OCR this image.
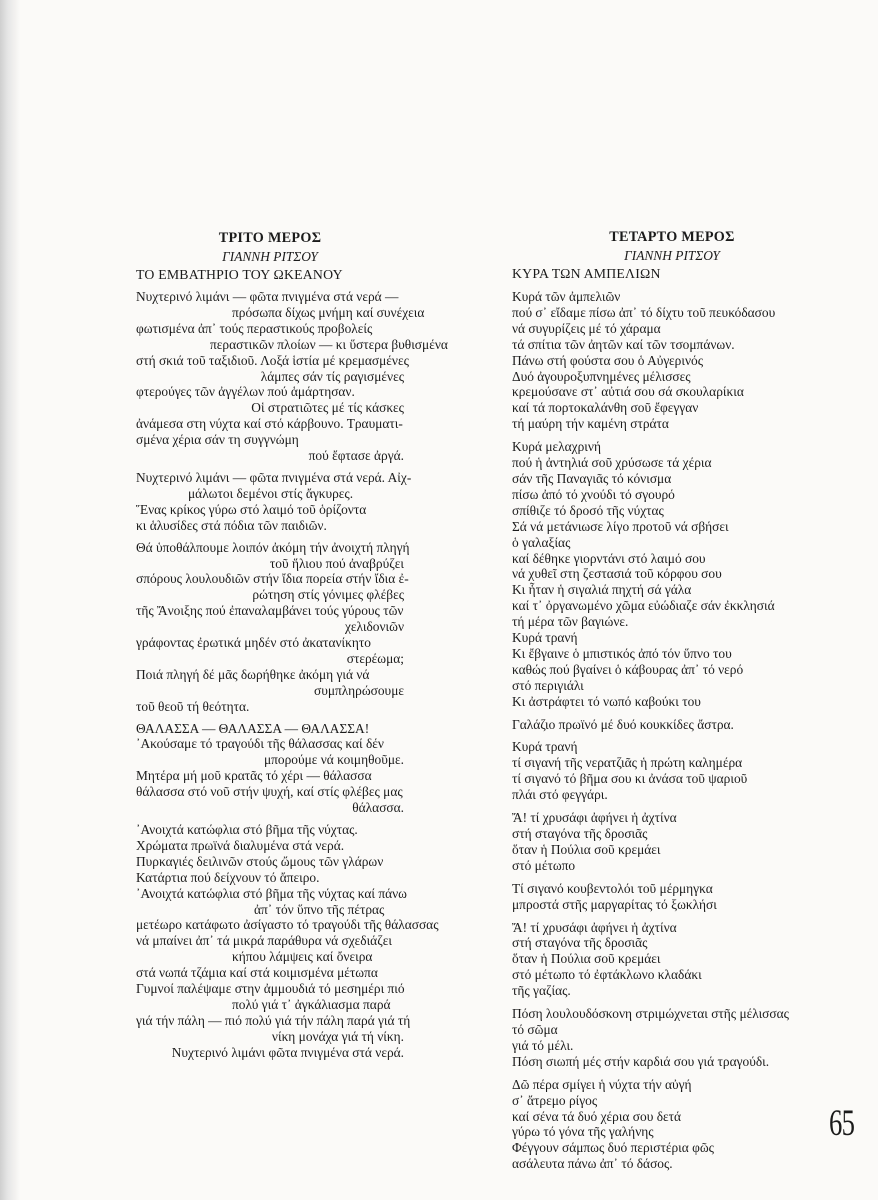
ΤΡΙΤΟ ΜΕΡΟΣ
ΓΙΑΝΝΗ ΡΙΤΣΟΥ
ΤΟ ΕΜΒΑΤΗΡΙΟ ΤΟΥ ΩΚΕΑΝΟΥ
Νυχτερινό λιμάνι — φῶτα πνιγμένα στά νερά —
πρόσωπα δίχως μνήμη καί συνέχεια
φωτισμένα ἀπ᾽ τούς περαστικούς προβολείς
περαστικῶν πλοίων — κι ὕστερα βυθισμένα
στή σκιά τοῦ ταξιδιοῦ. Λοξά ἱστία μέ κρεμασμένες
λάμπες σάν τίς ραγισμένες
φτερούγες τῶν ἀγγέλων πού ἁμάρτησαν.
Οἱ στρατιῶτες μέ τίς κάσκες
ἀνάμεσα στη νύχτα καί στό κάρβουνο. Τραυματι-
σμένα χέρια σάν τη συγγνώμη
πού ἔφτασε ἀργά.
Νυχτερινό λιμάνι — φῶτα πνιγμένα στά νερά. Αἰχ-
μάλωτοι δεμένοι στίς ἄγκυρες.
Ἕνας κρίκος γύρω στό λαιμό τοῦ ὁρίζοντα
κι ἁλυσίδες στά πόδια τῶν παιδιῶν.
Θά ὑποθάλπουμε λοιπόν ἀκόμη τήν ἀνοιχτή πληγή
τοῦ ἥλιου πού ἀναβρύζει
σπόρους λουλουδιῶν στήν ἴδια πορεία στήν ἴδια ἐ-
ρώτηση στίς γόνιμες φλέβες
τῆς Ἄνοιξης πού ἐπαναλαμβάνει τούς γύρους τῶν
χελιδονιῶν
γράφοντας ἐρωτικά μηδέν στό ἀκατανίκητο
στερέωμα;
Ποιά πληγή δέ μᾶς δωρήθηκε ἀκόμη γιά νά
συμπληρώσουμε
τοῦ θεοῦ τή θεότητα.
ΘΑΛΑΣΣΑ — ΘΑΛΑΣΣΑ — ΘΑΛΑΣΣΑ!
᾽Ακούσαμε τό τραγούδι τῆς θάλασσας καί δέν
μπορούμε νά κοιμηθοῦμε.
Μητέρα μή μοῦ κρατᾶς τό χέρι — θάλασσα
θάλασσα στό νοῦ στήν ψυχή, καί στίς φλέβες μας
θάλασσα.
᾽Ανοιχτά κατώφλια στό βῆμα τῆς νύχτας.
Χρώματα πρωϊνά διαλυμένα στά νερά.
Πυρκαγιές δειλινῶν στούς ὤμους τῶν γλάρων
Κατάρτια πού δείχνουν τό ἄπειρο.
᾽Ανοιχτά κατώφλια στό βῆμα τῆς νύχτας καί πάνω
ἀπ᾽ τόν ὕπνο τῆς πέτρας
μετέωρο κατάφωτο ἀσίγαστο τό τραγούδι τῆς θάλασσας
νά μπαίνει ἀπ᾽ τά μικρά παράθυρα νά σχεδιάζει
κήπου λάμψεις καί ὄνειρα
στά νωπά τζάμια καί στά κοιμισμένα μέτωπα
Γυμνοί παλέψαμε στην ἀμμουδιά τό μεσημέρι πιό
πολύ γιά τ᾽ ἀγκάλιασμα παρά
γιά τήν πάλη — πιό πολύ γιά τήν πάλη παρά γιά τή
νίκη μονάχα γιά τή νίκη.
Νυχτερινό λιμάνι φῶτα πνιγμένα στά νερά.
ΤΕΤΑΡΤΟ ΜΕΡΟΣ
ΓΙΑΝΝΗ ΡΙΤΣΟΥ
ΚΥΡΑ ΤΩΝ ΑΜΠΕΛΙΩΝ
Κυρά τῶν ἀμπελιῶν
πού σ᾽ εἴδαμε πίσω ἀπ᾽ τό δίχτυ τοῦ πευκόδασου
νά συγυρίζεις μέ τό χάραμα
τά σπίτια τῶν ἀητῶν καί τῶν τσομπάνων.
Πάνω στή φούστα σου ὁ Αὐγερινός
Δυό ἀγουροξυπνημένες μέλισσες
κρεμούσανε στ᾽ αὐτιά σου σά σκουλαρίκια
καί τά πορτοκαλάνθη σοῦ ἔφεγγαν
τή μαύρη τήν καμένη στράτα
Κυρά μελαχρινή
πού ἡ ἀντηλιά σοῦ χρύσωσε τά χέρια
σάν τῆς Παναγιᾶς τό κόνισμα
πίσω ἀπό τό χνούδι τό σγουρό
σπίθιζε τό δροσό τῆς νύχτας
Σά νά μετάνιωσε λίγο προτοῦ νά σβήσει
ὁ γαλαξίας
καί δέθηκε γιορντάνι στό λαιμό σου
νά χυθεῖ στη ζεστασιά τοῦ κόρφου σου
Κι ἦταν ἡ σιγαλιά πηχτή σά γάλα
καί τ᾽ ὀργανωμένο χῶμα εὐώδιαζε σάν ἐκκλησιά
τή μέρα τῶν βαγιώνε.
Κυρά τρανή
Κι ἔβγαινε ὁ μπιστικός ἀπό τόν ὕπνο του
καθώς πού βγαίνει ὁ κάβουρας ἀπ᾽ τό νερό
στό περιγιάλι
Κι ἀστράφτει τό νωπό καβούκι του
Γαλάζιο πρωϊνό μέ δυό κουκκίδες ἄστρα.
Κυρά τρανή
τί σιγανή τῆς νερατζιᾶς ἡ πρώτη καλημέρα
τί σιγανό τό βῆμα σου κι ἀνάσα τοῦ ψαριοῦ
πλάι στό φεγγάρι.
Ἄ! τί χρυσάφι ἀφήνει ἡ ἀχτίνα
στή σταγόνα τῆς δροσιᾶς
ὅταν ἡ Πούλια σοῦ κρεμάει
στό μέτωπο
Τί σιγανό κουβεντολόι τοῦ μέρμηγκα
μπροστά στῆς μαργαρίτας τό ξωκλήσι
Ἄ! τί χρυσάφι ἀφήνει ἡ ἀχτίνα
στή σταγόνα τῆς δροσιᾶς
ὅταν ἡ Πούλια σοῦ κρεμάει
στό μέτωπο τό ἐφτάκλωνο κλαδάκι
τῆς γαζίας.
Πόση λουλουδόσκονη στριμώχνεται στῆς μέλισσας
τό σῶμα
γιά τό μέλι.
Πόση σιωπή μές στήν καρδιά σου γιά τραγούδι.
Δῶ πέρα σμίγει ἡ νύχτα τήν αὐγή
σ᾽ ἄτρεμο ρίγος
καί σένα τά δυό χέρια σου δετά
γύρω τό γόνα τῆς γαλήνης
Φέγγουν σάμπως δυό περιστέρια φῶς
ασάλευτα πάνω ἀπ᾽ τό δάσος.
65
